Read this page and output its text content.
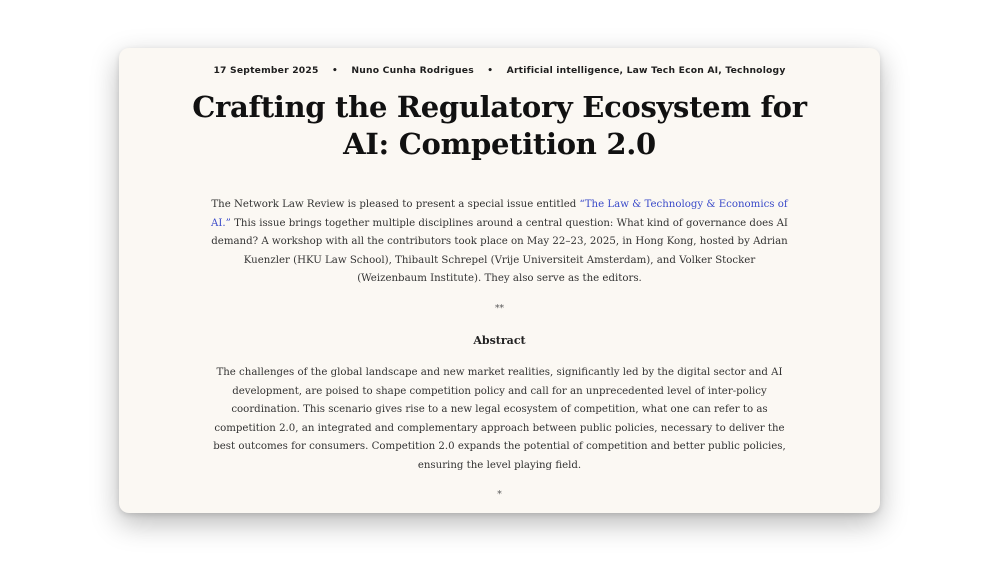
17 September 2025 • Nuno Cunha Rodrigues • Artificial intelligence, Law Tech Econ AI, Technology
Crafting the Regulatory Ecosystem for AI: Competition 2.0

The Network Law Review is pleased to present a special issue entitled “The Law & Technology & Economics of AI.” This issue brings together multiple disciplines around a central question: What kind of governance does AI demand? A workshop with all the contributors took place on May 22–23, 2025, in Hong Kong, hosted by Adrian Kuenzler (HKU Law School), Thibault Schrepel (Vrije Universiteit Amsterdam), and Volker Stocker (Weizenbaum Institute). They also serve as the editors.

**
Abstract

The challenges of the global landscape and new market realities, significantly led by the digital sector and AI development, are poised to shape competition policy and call for an unprecedented level of inter-policy coordination. This scenario gives rise to a new legal ecosystem of competition, what one can refer to as competition 2.0, an integrated and complementary approach between public policies, necessary to deliver the best outcomes for consumers. Competition 2.0 expands the potential of competition and better public policies, ensuring the level playing field.

*
